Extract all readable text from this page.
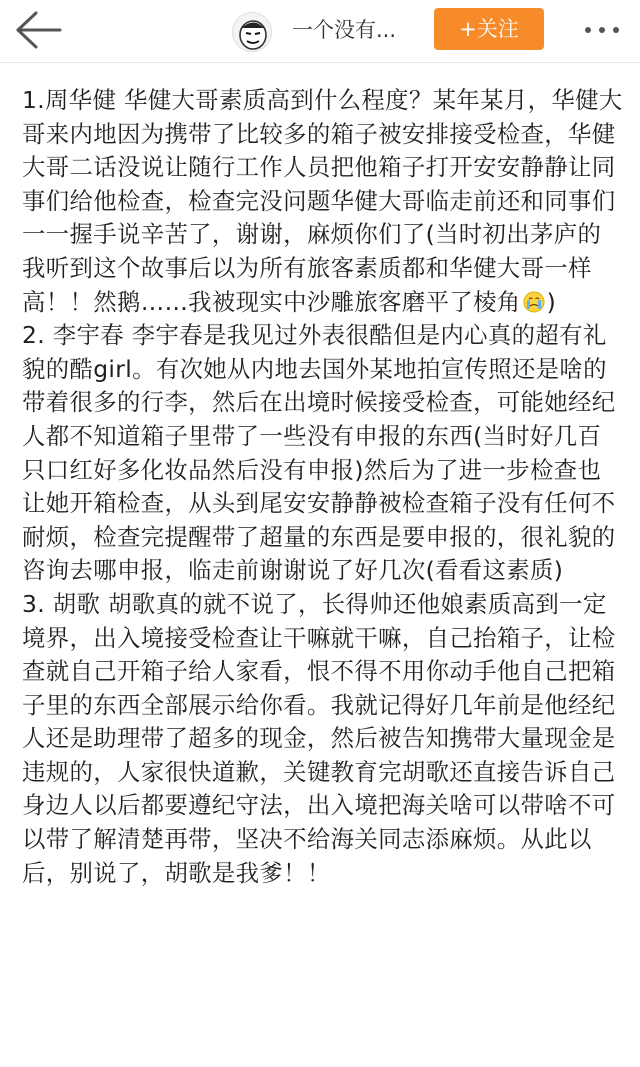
一个没有...	+关注

1.周华健 华健大哥素质高到什么程度？某年某月，华健大哥来内地因为携带了比较多的箱子被安排接受检查，华健大哥二话没说让随行工作人员把他箱子打开安安静静让同事们给他检查，检查完没问题华健大哥临走前还和同事们一一握手说辛苦了，谢谢，麻烦你们了(当时初出茅庐的我听到这个故事后以为所有旅客素质都和华健大哥一样高！！然鹅……我被现实中沙雕旅客磨平了棱角 )

2. 李宇春 李宇春是我见过外表很酷但是内心真的超有礼貌的酷girl。有次她从内地去国外某地拍宣传照还是啥的带着很多的行李，然后在出境时候接受检查，可能她经纪人都不知道箱子里带了一些没有申报的东西(当时好几百只口红好多化妆品然后没有申报)然后为了进一步检查也让她开箱检查，从头到尾安安静静被检查箱子没有任何不耐烦，检查完提醒带了超量的东西是要申报的，很礼貌的咨询去哪申报，临走前谢谢说了好几次(看看这素质)

3. 胡歌 胡歌真的就不说了，长得帅还他娘素质高到一定境界，出入境接受检查让干嘛就干嘛，自己抬箱子，让检查就自己开箱子给人家看，恨不得不用你动手他自己把箱子里的东西全部展示给你看。我就记得好几年前是他经纪人还是助理带了超多的现金，然后被告知携带大量现金是违规的，人家很快道歉，关键教育完胡歌还直接告诉自己身边人以后都要遵纪守法，出入境把海关啥可以带啥不可以带了解清楚再带，坚决不给海关同志添麻烦。从此以后，别说了，胡歌是我爹！！
